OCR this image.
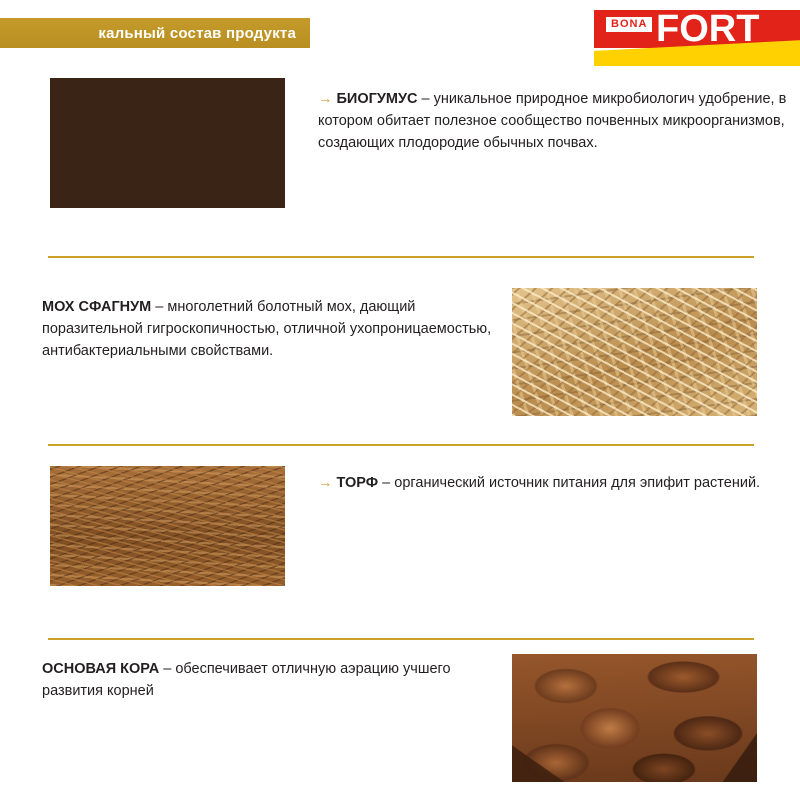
кальный состав продукта
BONA FORT
→ БИОГУМУС – уникальное природное микробиологич удобрение, в котором обитает полезное сообщество почвенных микроорганизмов, создающих плодородие обычных почвах.
МОХ СФАГНУМ – многолетний болотный мох, дающий поразительной гигроскопичностью, отличной ухопроницаемостью, антибактериальными свойствами.
→ ТОРФ – органический источник питания для эпифит растений.
ОСНОВАЯ КОРА – обеспечивает отличную аэрацию учшего развития корней
